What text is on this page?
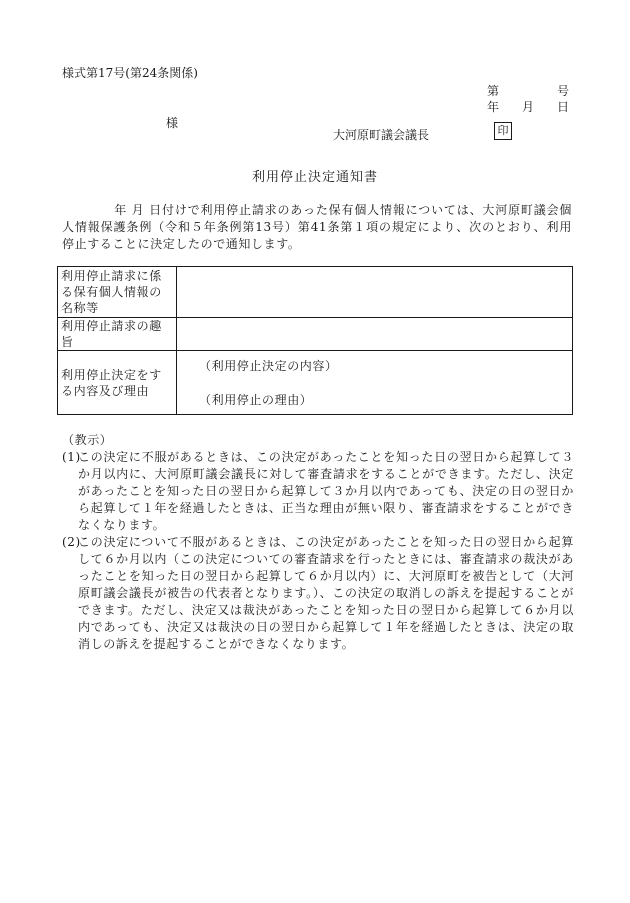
様式第17号(第24条関係)
第	号
年 月 日
様
大河原町議会議長	印
利用停止決定通知書
年 月 日付けで利用停止請求のあった保有個人情報については、大河原町議会個人情報保護条例（令和５年条例第13号）第41条第１項の規定により、次のとおり、利用停止することに決定したので通知します。
利用停止請求に係る保有個人情報の名称等	
利用停止請求の趣旨	
利用停止決定をする内容及び理由	（利用停止決定の内容）
（利用停止の理由）
（教示）
(1)
この決定に不服があるときは、この決定があったことを知った日の翌日から起算して３か月以内に、大河原町議会議長に対して審査請求をすることができます。ただし、決定があったことを知った日の翌日から起算して３か月以内であっても、決定の日の翌日から起算して１年を経過したときは、正当な理由が無い限り、審査請求をすることができなくなります。
(2)
この決定について不服があるときは、この決定があったことを知った日の翌日から起算して６か月以内（この決定についての審査請求を行ったときには、審査請求の裁決があったことを知った日の翌日から起算して６か月以内）に、大河原町を被告として（大河原町議会議長が被告の代表者となります。）、この決定の取消しの訴えを提起することができます。ただし、決定又は裁決があったことを知った日の翌日から起算して６か月以内であっても、決定又は裁決の日の翌日から起算して１年を経過したときは、決定の取消しの訴えを提起することができなくなります。
